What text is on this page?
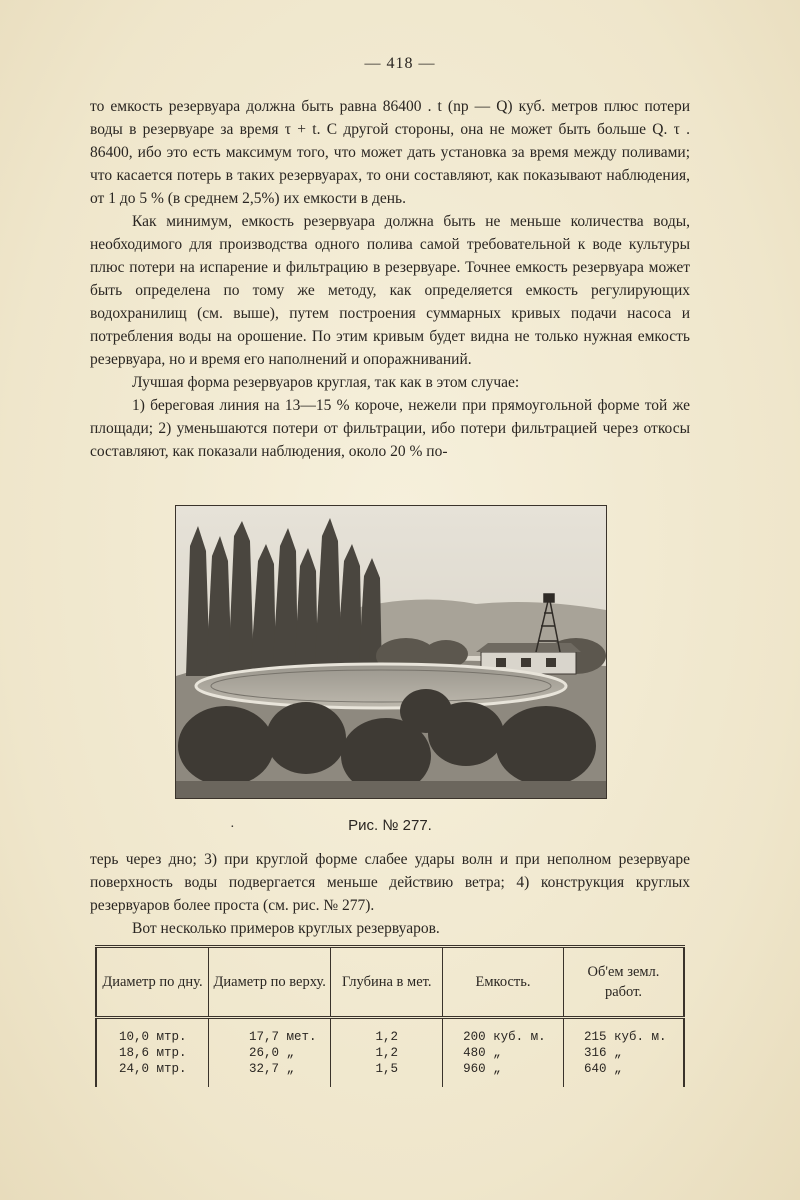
— 418 —

то емкость резервуара должна быть равна 86400 . t (np — Q) куб. метров плюс потери воды в резервуаре за время τ + t. С другой стороны, она не может быть больше Q. τ . 86400, ибо это есть максимум того, что может дать установка за время между поливами; что касается потерь в таких резервуарах, то они составляют, как показывают наблюдения, от 1 до 5 % (в среднем 2,5%) их емкости в день.

Как минимум, емкость резервуара должна быть не меньше количества воды, необходимого для производства одного полива самой требовательной к воде культуры плюс потери на испарение и фильтрацию в резервуаре. Точнее емкость резервуара может быть определена по тому же методу, как определяется емкость регулирующих водохранилищ (см. выше), путем построения суммарных кривых подачи насоса и потребления воды на орошение. По этим кривым будет видна не только нужная емкость резервуара, но и время его наполнений и опоражниваний.

Лучшая форма резервуаров круглая, так как в этом случае:

1) береговая линия на 13—15 % короче, нежели при прямоугольной форме той же площади; 2) уменьшаются потери от фильтрации, ибо потери фильтрацией через откосы составляют, как показали наблюдения, около 20 % по-

·	Рис. № 277.

терь через дно; 3) при круглой форме слабее удары волн и при неполном резервуаре поверхность воды подвергается меньше действию ветра; 4) конструкция круглых резервуаров более проста (см. рис. № 277).

Вот несколько примеров круглых резервуаров.

Диаметр по дну.	Диаметр по верху.	Глубина в мет.	Емкость.	Об'ем земл. работ.
10,0 мтр.	17,7 мет.	1,2	200 куб. м.	215 куб. м.
18,6 мтр.	26,0 „	1,2	480 „	316 „
24,0 мтр.	32,7 „	1,5	960 „	640 „
